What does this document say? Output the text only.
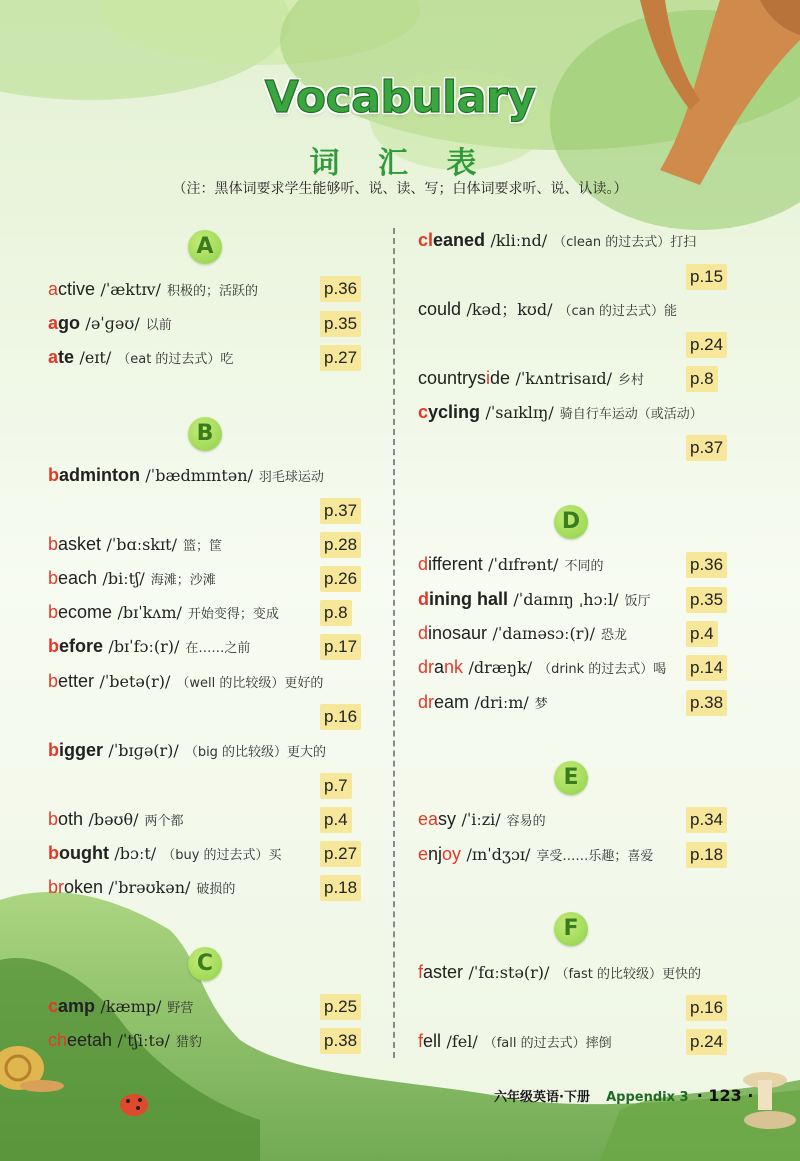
Vocabulary
词 汇 表
（注：黑体词要求学生能够听、说、读、写；白体词要求听、说、认读。）
A
active /ˈæktɪv/ 积极的；活跃的	p.36
ago /əˈɡəʊ/ 以前	p.35
ate /eɪt/ （eat 的过去式）吃	p.27
B
badminton /ˈbædmɪntən/ 羽毛球运动
p.37
basket /ˈbɑːskɪt/ 篮；筐	p.28
beach /biːtʃ/ 海滩；沙滩	p.26
become /bɪˈkʌm/ 开始变得；变成	p.8
before /bɪˈfɔː(r)/ 在……之前	p.17
better /ˈbetə(r)/ （well 的比较级）更好的
p.16
bigger /ˈbɪɡə(r)/ （big 的比较级）更大的
p.7
both /bəʊθ/ 两个都	p.4
bought /bɔːt/ （buy 的过去式）买 p.27
broken /ˈbrəʊkən/ 破损的	p.18
C
camp /kæmp/ 野营	p.25
cheetah /ˈtʃiːtə/ 猎豹	p.38
cleaned /kliːnd/ （clean 的过去式）打扫
p.15
could /kəd；kʊd/ （can 的过去式）能
p.24
countryside /ˈkʌntrisaɪd/ 乡村	p.8
cycling /ˈsaɪklɪŋ/ 骑自行车运动（或活动）
p.37
D
different /ˈdɪfrənt/ 不同的	p.36
dining hall /ˈdaɪnɪŋ ˌhɔːl/ 饭厅 p.35
dinosaur /ˈdaɪnəsɔː(r)/ 恐龙	p.4
drank /dræŋk/ （drink 的过去式）喝 p.14
dream /driːm/ 梦	p.38
E
easy /ˈiːzi/ 容易的	p.34
enjoy /ɪnˈdʒɔɪ/ 享受……乐趣；喜爱 p.18
F
faster /ˈfɑːstə(r)/ （fast 的比较级）更快的
p.16
fell /fel/ （fall 的过去式）摔倒	p.24
六年级英语·下册 Appendix 3 · 123 ·
